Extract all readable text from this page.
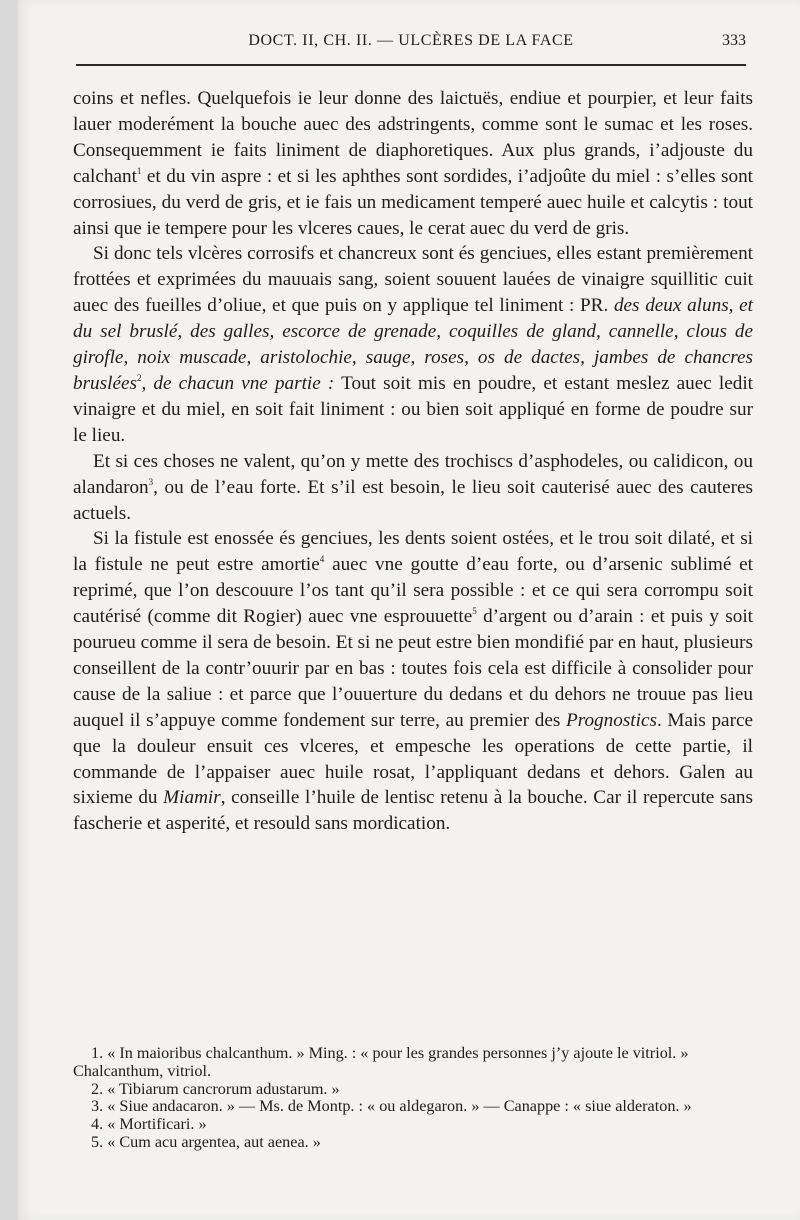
DOCT. II, CH. II. — ULCÈRES DE LA FACE	333

coins et nefles. Quelquefois ie leur donne des laictuës, endiue et pourpier, et leur faits lauer moderément la bouche auec des adstringents, comme sont le sumac et les roses. Consequemment ie faits liniment de diaphoretiques. Aux plus grands, i’adjouste du calchant$^1$ et du vin aspre : et si les aphthes sont sordides, i’adjoûte du miel : s’elles sont corrosiues, du verd de gris, et ie fais un medicament temperé auec huile et calcytis : tout ainsi que ie tempere pour les vlceres caues, le cerat auec du verd de gris.

Si donc tels vlcères corrosifs et chancreux sont és genciues, elles estant premièrement frottées et exprimées du mauuais sang, soient souuent lauées de vinaigre squillitic cuit auec des fueilles d’oliue, et que puis on y applique tel liniment : PR. des deux aluns, et du sel bruslé, des galles, escorce de grenade, coquilles de gland, cannelle, clous de girofle, noix muscade, aristolochie, sauge, roses, os de dactes, jambes de chancres bruslées$^2$, de chacun vne partie : Tout soit mis en poudre, et estant meslez auec ledit vinaigre et du miel, en soit fait liniment : ou bien soit appliqué en forme de poudre sur le lieu.

Et si ces choses ne valent, qu’on y mette des trochiscs d’asphodeles, ou calidicon, ou alandaron$^3$, ou de l’eau forte. Et s’il est besoin, le lieu soit cauterisé auec des cauteres actuels.

Si la fistule est enossée és genciues, les dents soient ostées, et le trou soit dilaté, et si la fistule ne peut estre amortie$^4$ auec vne goutte d’eau forte, ou d’arsenic sublimé et reprimé, que l’on descouure l’os tant qu’il sera possible : et ce qui sera corrompu soit cautérisé (comme dit Rogier) auec vne esprouuette$^5$ d’argent ou d’arain : et puis y soit pourueu comme il sera de besoin. Et si ne peut estre bien mondifié par en haut, plusieurs conseillent de la contr’ouurir par en bas : toutes fois cela est difficile à consolider pour cause de la saliue : et parce que l’ouuerture du dedans et du dehors ne trouue pas lieu auquel il s’appuye comme fondement sur terre, au premier des Prognostics. Mais parce que la douleur ensuit ces vlceres, et empesche les operations de cette partie, il commande de l’appaiser auec huile rosat, l’appliquant dedans et dehors. Galen au sixieme du Miamir, conseille l’huile de lentisc retenu à la bouche. Car il repercute sans fascherie et asperité, et resould sans mordication.

1. « In maioribus chalcanthum. » Ming. : « pour les grandes personnes j’y ajoute le vitriol. » Chalcanthum, vitriol.

2. « Tibiarum cancrorum adustarum. »

3. « Siue andacaron. » — Ms. de Montp. : « ou aldegaron. » — Canappe : « siue alderaton. »

4. « Mortificari. »

5. « Cum acu argentea, aut aenea. »
